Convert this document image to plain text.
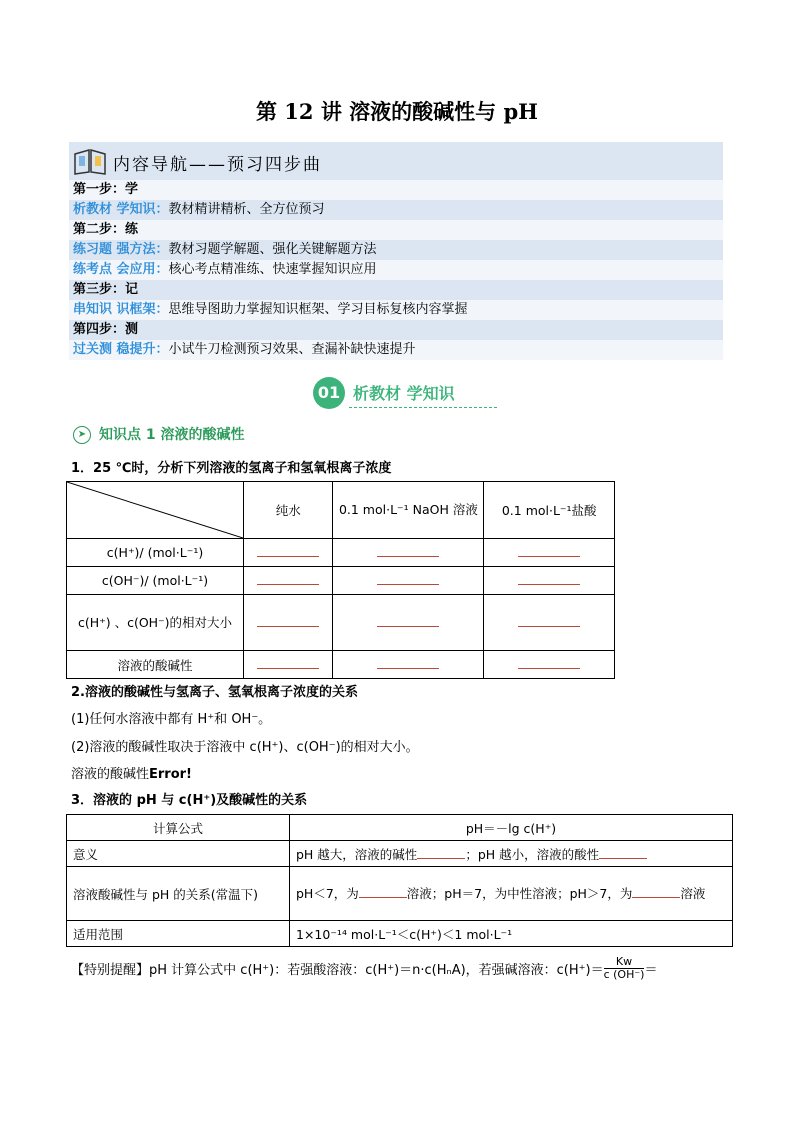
第 12 讲 溶液的酸碱性与 pH
内容导航——预习四步曲
第一步：学
析教材 学知识：教材精讲精析、全方位预习
第二步：练
练习题 强方法：教材习题学解题、强化关键解题方法
练考点 会应用：核心考点精准练、快速掌握知识应用
第三步：记
串知识 识框架：思维导图助力掌握知识框架、学习目标复核内容掌握
第四步：测
过关测 稳提升：小试牛刀检测预习效果、查漏补缺快速提升
01 析教材 学知识
➤ 知识点 1 溶液的酸碱性
1．25 ℃时，分析下列溶液的氢离子和氢氧根离子浓度
	纯水	0.1 mol·L⁻¹ NaOH 溶液	0.1 mol·L⁻¹盐酸
c(H⁺)/ (mol·L⁻¹)			
c(OH⁻)/ (mol·L⁻¹)			
c(H⁺) 、c(OH⁻)的相对大小			
溶液的酸碱性			
2.溶液的酸碱性与氢离子、氢氧根离子浓度的关系
(1)任何水溶液中都有 H⁺和 OH⁻。
(2)溶液的酸碱性取决于溶液中 c(H⁺)、c(OH⁻)的相对大小。
溶液的酸碱性Error!
3．溶液的 pH 与 c(H⁺)及酸碱性的关系
计算公式	pH＝－lg c(H⁺)
意义	pH 越大，溶液的碱性 ；pH 越小，溶液的酸性
溶液酸碱性与 pH 的关系(常温下)	pH＜7，为 溶液；pH＝7，为中性溶液；pH＞7，为 溶液
适用范围	1×10⁻¹⁴ mol·L⁻¹＜c(H⁺)＜1 mol·L⁻¹
【特别提醒】pH 计算公式中 c(H⁺)：若强酸溶液：c(H⁺)＝n·c(HₙA)，若强碱溶液：$c(H^+)= \frac{Kw}{c (OH^-)}=$
